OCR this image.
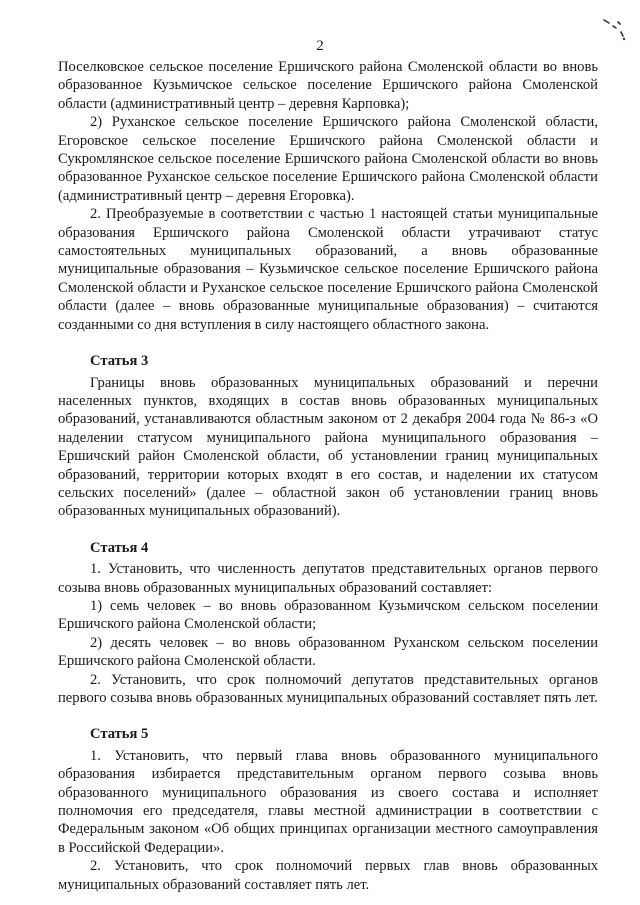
2

Поселковское сельское поселение Ершичского района Смоленской области во вновь образованное Кузьмичское сельское поселение Ершичского района Смоленской области (административный центр – деревня Карповка);

2) Руханское сельское поселение Ершичского района Смоленской области, Егоровское сельское поселение Ершичского района Смоленской области и Сукромлянское сельское поселение Ершичского района Смоленской области во вновь образованное Руханское сельское поселение Ершичского района Смоленской области (административный центр – деревня Егоровка).

2. Преобразуемые в соответствии с частью 1 настоящей статьи муниципальные образования Ершичского района Смоленской области утрачивают статус самостоятельных муниципальных образований, а вновь образованные муниципальные образования – Кузьмичское сельское поселение Ершичского района Смоленской области и Руханское сельское поселение Ершичского района Смоленской области (далее – вновь образованные муниципальные образования) – считаются созданными со дня вступления в силу настоящего областного закона.

Статья 3

Границы вновь образованных муниципальных образований и перечни населенных пунктов, входящих в состав вновь образованных муниципальных образований, устанавливаются областным законом от 2 декабря 2004 года № 86-з «О наделении статусом муниципального района муниципального образования – Ершичский район Смоленской области, об установлении границ муниципальных образований, территории которых входят в его состав, и наделении их статусом сельских поселений» (далее – областной закон об установлении границ вновь образованных муниципальных образований).

Статья 4

1. Установить, что численность депутатов представительных органов первого созыва вновь образованных муниципальных образований составляет:

1) семь человек – во вновь образованном Кузьмичском сельском поселении Ершичского района Смоленской области;

2) десять человек – во вновь образованном Руханском сельском поселении Ершичского района Смоленской области.

2. Установить, что срок полномочий депутатов представительных органов первого созыва вновь образованных муниципальных образований составляет пять лет.

Статья 5

1. Установить, что первый глава вновь образованного муниципального образования избирается представительным органом первого созыва вновь образованного муниципального образования из своего состава и исполняет полномочия его председателя, главы местной администрации в соответствии с Федеральным законом «Об общих принципах организации местного самоуправления в Российской Федерации».

2. Установить, что срок полномочий первых глав вновь образованных муниципальных образований составляет пять лет.
